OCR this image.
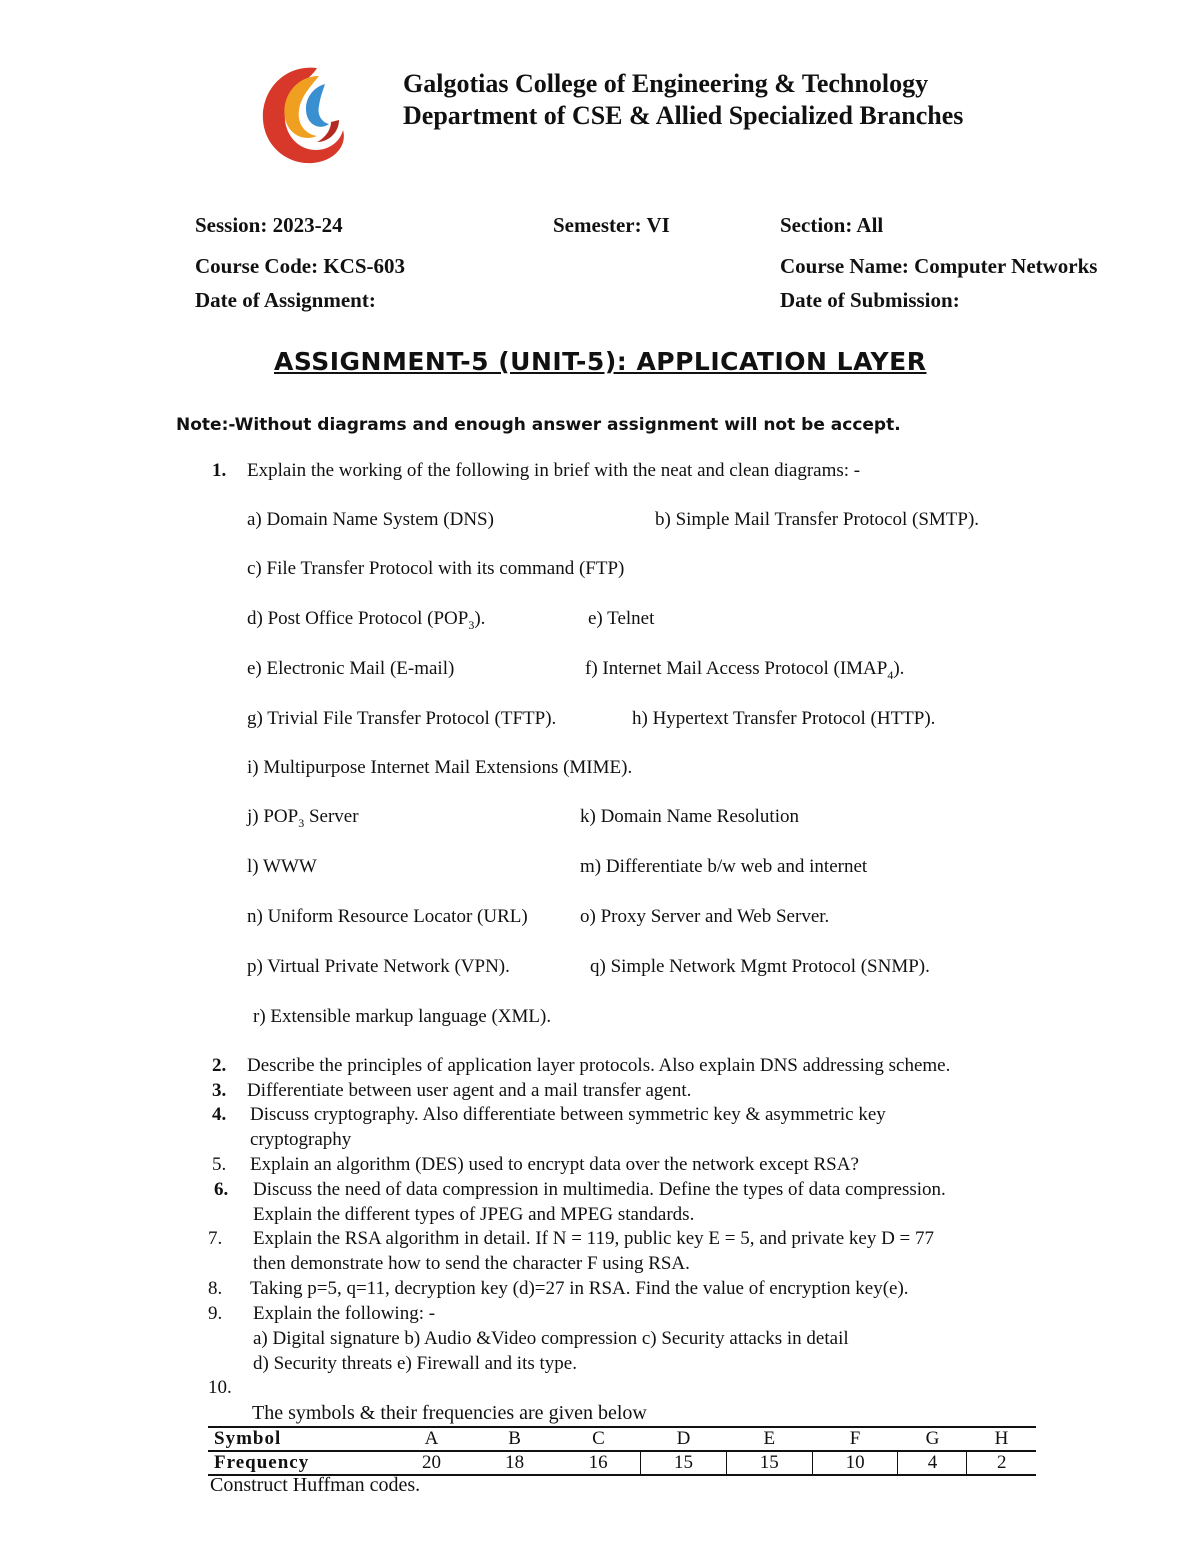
Galgotias College of Engineering & Technology
Department of CSE & Allied Specialized Branches
Session: 2023-24	Semester: VI	Section: All
Course Code: KCS-603	Course Name: Computer Networks
Date of Assignment:	Date of Submission:
ASSIGNMENT-5 (UNIT-5): APPLICATION LAYER
Note:-Without diagrams and enough answer assignment will not be accept.
1. Explain the working of the following in brief with the neat and clean diagrams: -
a) Domain Name System (DNS)	b) Simple Mail Transfer Protocol (SMTP).
c) File Transfer Protocol with its command (FTP)
d) Post Office Protocol $(POP_3)$.	e) Telnet
e) Electronic Mail (E-mail)	f) Internet Mail Access Protocol $(IMAP_4)$.
g) Trivial File Transfer Protocol (TFTP).	h) Hypertext Transfer Protocol (HTTP).
i) Multipurpose Internet Mail Extensions (MIME).
j) $POP_3$ Server	k) Domain Name Resolution
l) WWW	m) Differentiate b/w web and internet
n) Uniform Resource Locator (URL)	o) Proxy Server and Web Server.
p) Virtual Private Network (VPN).	q) Simple Network Mgmt Protocol (SNMP).
r) Extensible markup language (XML).
2. Describe the principles of application layer protocols. Also explain DNS addressing scheme.
3. Differentiate between user agent and a mail transfer agent.
4. Discuss cryptography. Also differentiate between symmetric key & asymmetric key
cryptography
5. Explain an algorithm (DES) used to encrypt data over the network except RSA?
6. Discuss the need of data compression in multimedia. Define the types of data compression.
Explain the different types of JPEG and MPEG standards.
7. Explain the RSA algorithm in detail. If N = 119, public key E = 5, and private key D = 77
then demonstrate how to send the character F using RSA.
8. Taking p=5, q=11, decryption key (d)=27 in RSA. Find the value of encryption key(e).
9. Explain the following: -
a) Digital signature b) Audio &Video compression c) Security attacks in detail
d) Security threats e) Firewall and its type.
10.
The symbols & their frequencies are given below
Symbol	A	B	C	D	E	F	G	H
Frequency	20	18	16	15	15	10	4	2
Construct Huffman codes.
